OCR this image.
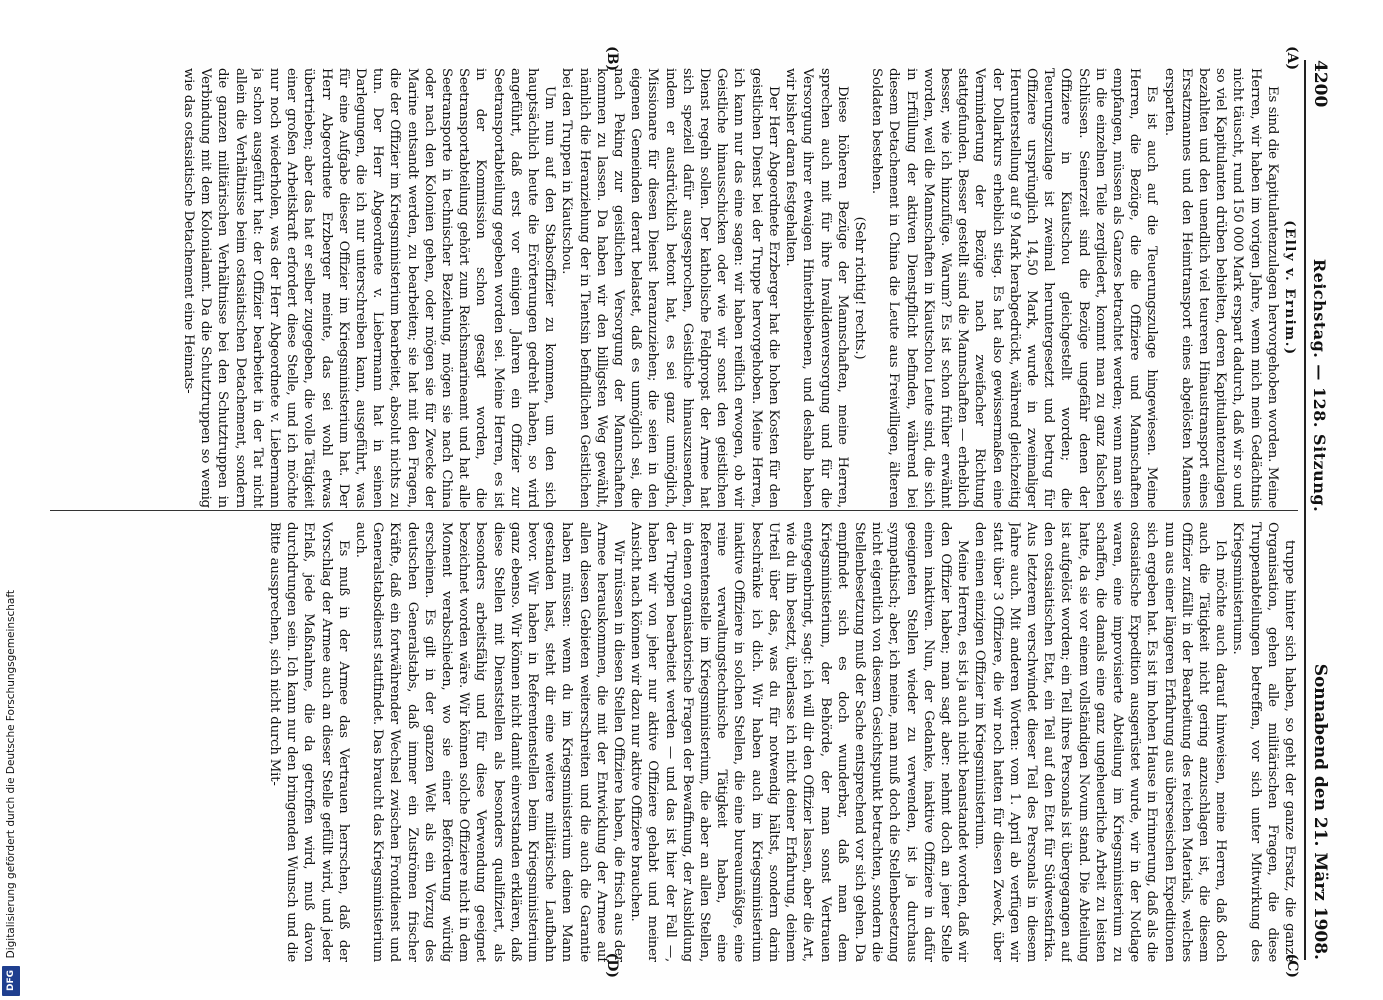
4200
Reichstag. — 128. Sitzung.
Sonnabend den 21. März 1908.
(A)
(B)
(C)
(D)

(Elly v. Ernim.)

Es sind die Kapitulantenzulagen hervorgehoben worden. Meine Herren, wir haben im vorigen Jahre, wenn mich mein Gedächtnis nicht täuscht, rund 150 000 Mark erspart dadurch, daß wir so und so viel Kapitulanten drüben behielten, deren Kapitulantenzulagen bezahlten und den unendlich viel teureren Hinaustransport eines Ersatzmannes und den Heimtransport eines abgelösten Mannes ersparten.

Es ist auch auf die Teuerungszulage hingewiesen. Meine Herren, die Bezüge, die die Offiziere und Mannschaften empfangen, müssen als Ganzes betrachtet werden; wenn man sie in die einzelnen Teile zergliedert, kommt man zu ganz falschen Schlüssen. Seinerzeit sind die Bezüge ungefähr denen der Offiziere in Kiautschou gleichgestellt worden; die Teuerungszulage ist zweimal heruntergesetzt und betrug für Offiziere ursprünglich 14,50 Mark, wurde in zweimaliger Herunterstellung auf 9 Mark herabgedrückt, während gleichzeitig der Dollarkurs erheblich stieg. Es hat also gewissermaßen eine Verminderung der Bezüge nach zweifacher Richtung stattgefunden. Besser gestellt sind die Mannschaften — erheblich besser, wie ich hinzufüge. Warum? Es ist schon früher erwähnt worden, weil die Mannschaften in Kiautschou Leute sind, die sich in Erfüllung der aktiven Dienstpflicht befinden, während bei diesem Detachement in China die Leute aus Freiwilligen, älteren Soldaten bestehen.

(Sehr richtig! rechts.)

Diese höheren Bezüge der Mannschaften, meine Herren, sprechen auch mit für ihre Invalidenversorgung und für die Versorgung ihrer etwaigen Hinterbliebenen, und deshalb haben wir bisher daran festgehalten.

Der Herr Abgeordnete Erzberger hat die hohen Kosten für den geistlichen Dienst bei der Truppe hervorgehoben. Meine Herren, ich kann nur das eine sagen: wir haben reiflich erwogen, ob wir Geistliche hinausschicken oder wie wir sonst den geistlichen Dienst regeln sollen. Der katholische Feldpropst der Armee hat sich speziell dafür ausgesprochen, Geistliche hinauszusenden, indem er ausdrücklich betont hat, es sei ganz unmöglich, Missionare für diesen Dienst heranzuziehen; die seien in den eigenen Gemeinden derart belastet, daß es unmöglich sei, die nach Peking zur geistlichen Versorgung der Mannschaften kommen zu lassen. Da haben wir den billigsten Weg gewählt, nämlich die Heranziehung der in Tientsin befindlichen Geistlichen bei den Truppen in Kiautschou.

Um nun auf den Stabsoffizier zu kommen, um den sich hauptsächlich heute die Erörterungen gedreht haben, so wird angeführt, daß erst vor einigen Jahren ein Offizier zur Seetransportabteilung gegeben worden sei. Meine Herren, es ist in der Kommission schon gesagt worden, die Seetransportabteilung gehört zum Reichsmarineamt und hat alle Seetransporte in technischer Beziehung, mögen sie nach China oder nach den Kolonien gehen, oder mögen sie für Zwecke der Marine entsandt werden, zu bearbeiten; sie hat mit den Fragen, die der Offizier im Kriegsministerium bearbeitet, absolut nichts zu tun. Der Herr Abgeordnete v. Liebermann hat in seinen Darlegungen, die ich nur unterschreiben kann, ausgeführt, was für eine Aufgabe dieser Offizier im Kriegsministerium hat. Der Herr Abgeordnete Erzberger meinte, das sei wohl etwas übertrieben; aber das hat er selber zugegeben, die volle Tätigkeit einer großen Arbeitskraft erfordert diese Stelle, und ich möchte nur noch wiederholen, was der Herr Abgeordnete v. Liebermann ja schon ausgeführt hat: der Offizier bearbeitet in der Tat nicht allein die Verhältnisse beim ostasiatischen Detachement, sondern die ganzen militärischen Verhältnisse bei den Schutztruppen in Verbindung mit dem Kolonialamt. Da die Schutztruppen so wenig wie das ostasiatische Detachement eine Heimats-

truppe hinter sich haben, so geht der ganze Ersatz, die ganze Organisation, gehen alle militärischen Fragen, die diese Truppenabteilungen betreffen, vor sich unter Mitwirkung des Kriegsministeriums.

Ich möchte auch darauf hinweisen, meine Herren, daß doch auch die Tätigkeit nicht gering anzuschlagen ist, die diesem Offizier zufällt in der Bearbeitung des reichen Materials, welches nun aus einer längeren Erfahrung aus überseeischen Expeditionen sich ergeben hat. Es ist im hohen Hause in Erinnerung, daß als die ostasiatische Expedition ausgerüstet wurde, wir in der Notlage waren, eine improvisierte Abteilung im Kriegsministerium zu schaffen, die damals eine ganz ungeheuerliche Arbeit zu leisten hatte, da sie vor einem vollständigen Novum stand. Die Abteilung ist aufgelöst worden; ein Teil ihres Personals ist übergegangen auf den ostasiatischen Etat, ein Teil auf den Etat für Südwestafrika. Aus letzterem verschwindet dieser Teil des Personals in diesem Jahre auch. Mit anderen Worten: vom 1. April ab verfügen wir statt über 3 Offiziere, die wir noch hatten für diesen Zweck, über den einen einzigen Offizier im Kriegsministerium.

Meine Herren, es ist ja auch nicht beanstandet worden, daß wir den Offizier haben; man sagt aber: nehmt doch an jener Stelle einen inaktiven. Nun, der Gedanke, inaktive Offiziere in dafür geeigneten Stellen wieder zu verwenden, ist ja durchaus sympathisch; aber, ich meine, man muß doch die Stellenbesetzung nicht eigentlich von diesem Gesichtspunkt betrachten, sondern die Stellenbesetzung muß der Sache entsprechend vor sich gehen. Da empfindet sich es doch wunderbar, daß man dem Kriegsministerium, der Behörde, der man sonst Vertrauen entgegenbringt, sagt: ich will dir den Offizier lassen, aber die Art, wie du ihn besetzt, überlasse ich nicht deiner Erfahrung, deinem Urteil über das, was du für notwendig hältst, sondern darin beschränke ich dich. Wir haben auch im Kriegsministerium inaktive Offiziere in solchen Stellen, die eine bureaumäßige, eine reine verwaltungstechnische Tätigkeit haben, eine Referentenstelle im Kriegsministerium, die aber an allen Stellen, in denen organisatorische Fragen der Bewaffnung, der Ausbildung der Truppen bearbeitet werden — und das ist hier der Fall —, haben wir von jeher nur aktive Offiziere gehabt und meiner Ansicht nach können wir dazu nur aktive Offiziere brauchen.

Wir müssen in diesen Stellen Offiziere haben, die frisch aus der Armee herauskommen, die mit der Entwicklung der Armee auf allen diesen Gebieten weiterschreiten und die auch die Garantie haben müssen: wenn du im Kriegsministerium deinen Mann gestanden hast, steht dir eine weitere militärische Laufbahn bevor. Wir haben in Referentenstellen beim Kriegsministerium ganz ebenso. Wir können nicht damit einverstanden erklären, daß diese Stellen mit Dienststellen als besonders qualifiziert, als besonders arbeitsfähig und für diese Verwendung geeignet bezeichnet worden wäre. Wir können solche Offiziere nicht in dem Moment verabschieden, wo sie einer Beförderung würdig erscheinen. Es gilt in der ganzen Welt als ein Vorzug des deutschen Generalstabs, daß immer ein Zuströmen frischer Kräfte, daß ein fortwährender Wechsel zwischen Frontdienst und Generalstabsdienst stattfindet. Das braucht das Kriegsministerium auch.

Es muß in der Armee das Vertrauen herrschen, daß der Vorschlag der Armee auch an dieser Stelle gefüllt wird, und jeder Erlaß, jede Maßnahme, die da getroffen wird, muß davon durchdrungen sein. Ich kann nur den bringenden Wunsch und die Bitte aussprechen, sich nicht durch Mit-

Digitalisierung gefördert durch die Deutsche Forschungsgemeinschaft
DFG
